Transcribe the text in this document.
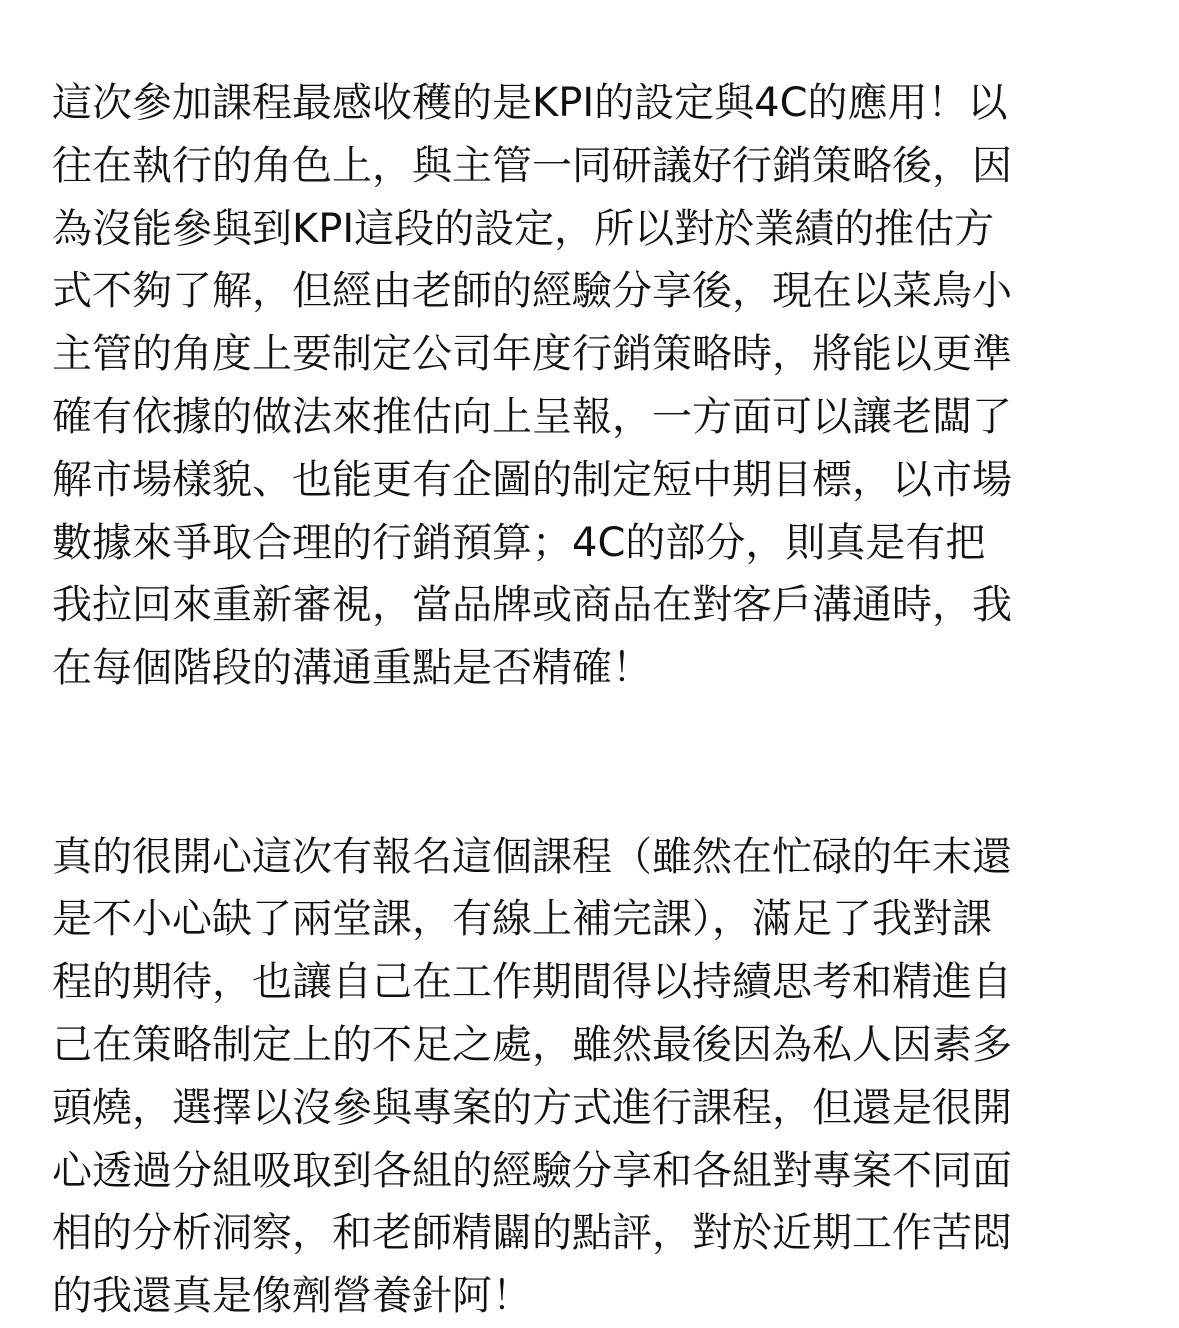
這次參加課程最感收穫的是KPI的設定與4C的應用！以
往在執行的角色上，與主管一同研議好行銷策略後，因
為沒能參與到KPI這段的設定，所以對於業績的推估方
式不夠了解，但經由老師的經驗分享後，現在以菜鳥小
主管的角度上要制定公司年度行銷策略時，將能以更準
確有依據的做法來推估向上呈報，一方面可以讓老闆了
解市場樣貌、也能更有企圖的制定短中期目標，以市場
數據來爭取合理的行銷預算；4C的部分，則真是有把
我拉回來重新審視，當品牌或商品在對客戶溝通時，我
在每個階段的溝通重點是否精確！

真的很開心這次有報名這個課程（雖然在忙碌的年末還
是不小心缺了兩堂課，有線上補完課），滿足了我對課
程的期待，也讓自己在工作期間得以持續思考和精進自
己在策略制定上的不足之處，雖然最後因為私人因素多
頭燒，選擇以沒參與專案的方式進行課程，但還是很開
心透過分組吸取到各組的經驗分享和各組對專案不同面
相的分析洞察，和老師精闢的點評，對於近期工作苦悶
的我還真是像劑營養針阿！
